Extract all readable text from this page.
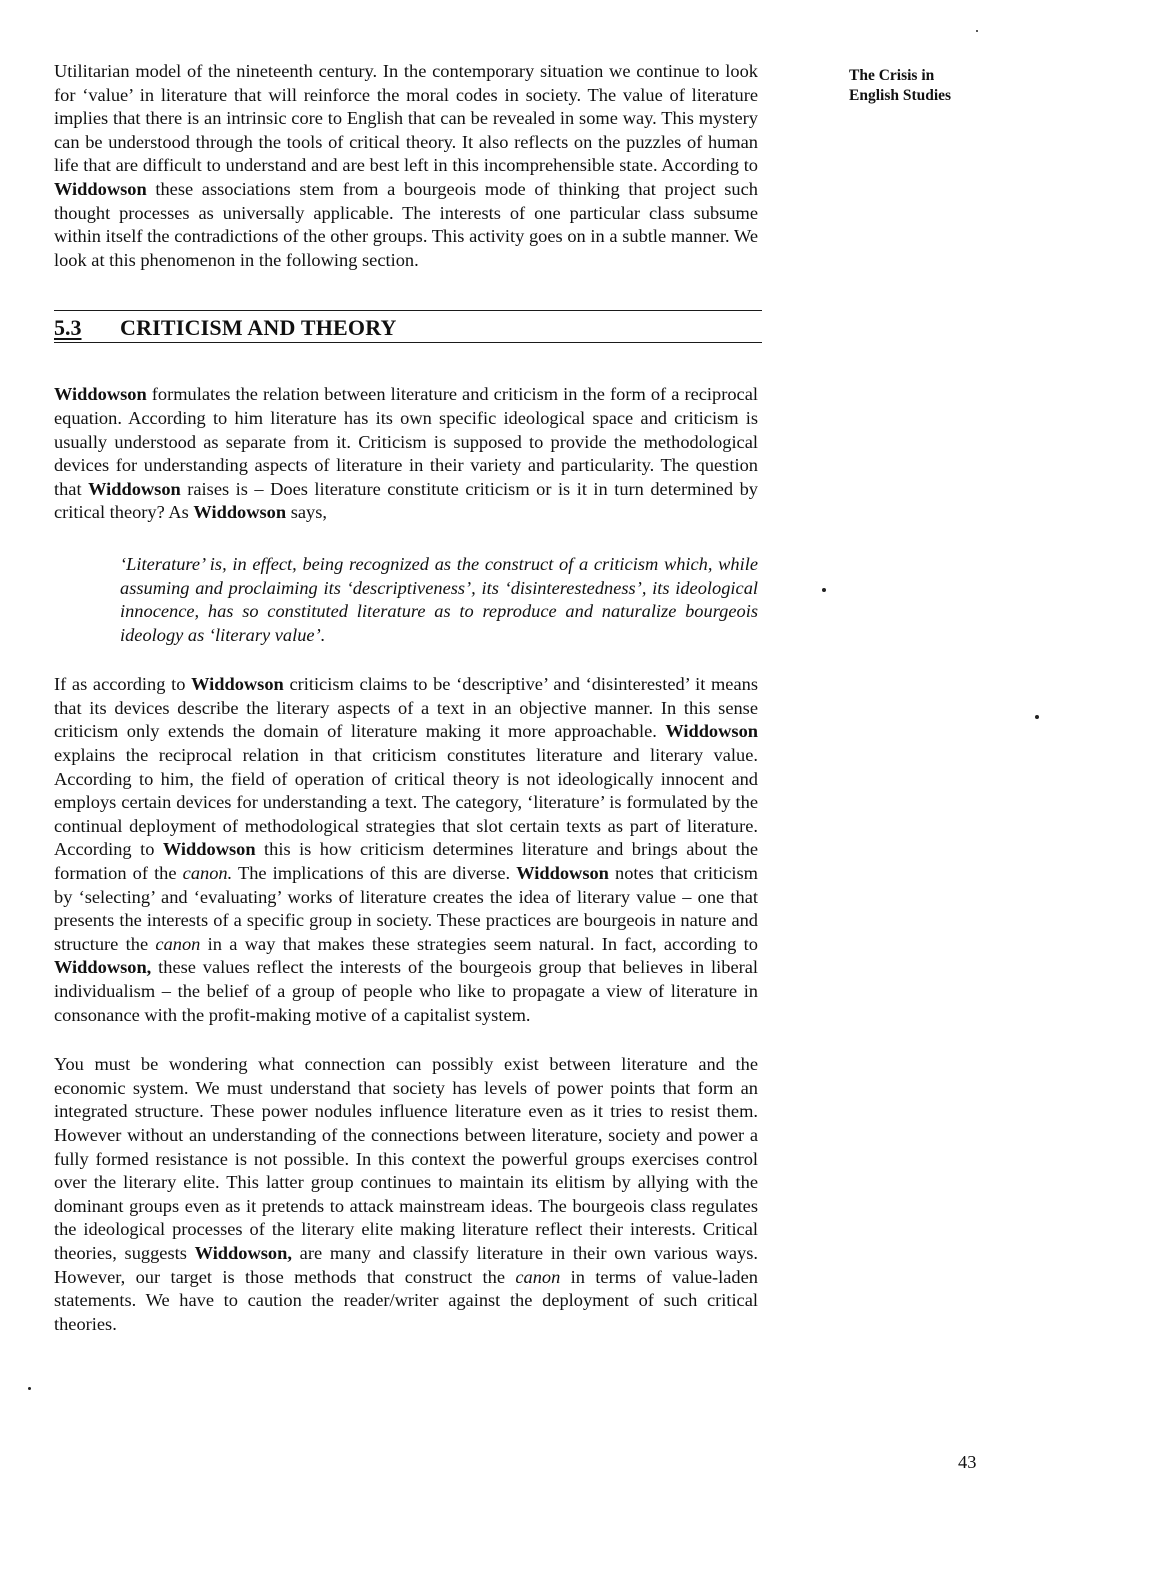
The Crisis in
English Studies

Utilitarian model of the nineteenth century. In the contemporary situation we continue to look for ‘value’ in literature that will reinforce the moral codes in society. The value of literature implies that there is an intrinsic core to English that can be revealed in some way. This mystery can be understood through the tools of critical theory. It also reflects on the puzzles of human life that are difficult to understand and are best left in this incomprehensible state. According to Widdowson these associations stem from a bourgeois mode of thinking that project such thought processes as universally applicable. The interests of one particular class subsume within itself the contradictions of the other groups. This activity goes on in a subtle manner. We look at this phenomenon in the following section.

5.3 CRITICISM AND THEORY

Widdowson formulates the relation between literature and criticism in the form of a reciprocal equation. According to him literature has its own specific ideological space and criticism is usually understood as separate from it. Criticism is supposed to provide the methodological devices for understanding aspects of literature in their variety and particularity. The question that Widdowson raises is – Does literature constitute criticism or is it in turn determined by critical theory? As Widdowson says,

‘Literature’ is, in effect, being recognized as the construct of a criticism which, while assuming and proclaiming its ‘descriptiveness’, its ‘disinterestedness’, its ideological innocence, has so constituted literature as to reproduce and naturalize bourgeois ideology as ‘literary value’.

If as according to Widdowson criticism claims to be ‘descriptive’ and ‘disinterested’ it means that its devices describe the literary aspects of a text in an objective manner. In this sense criticism only extends the domain of literature making it more approachable. Widdowson explains the reciprocal relation in that criticism constitutes literature and literary value. According to him, the field of operation of critical theory is not ideologically innocent and employs certain devices for understanding a text. The category, ‘literature’ is formulated by the continual deployment of methodological strategies that slot certain texts as part of literature. According to Widdowson this is how criticism determines literature and brings about the formation of the canon. The implications of this are diverse. Widdowson notes that criticism by ‘selecting’ and ‘evaluating’ works of literature creates the idea of literary value – one that presents the interests of a specific group in society. These practices are bourgeois in nature and structure the canon in a way that makes these strategies seem natural. In fact, according to Widdowson, these values reflect the interests of the bourgeois group that believes in liberal individualism – the belief of a group of people who like to propagate a view of literature in consonance with the profit-making motive of a capitalist system.

You must be wondering what connection can possibly exist between literature and the economic system. We must understand that society has levels of power points that form an integrated structure. These power nodules influence literature even as it tries to resist them. However without an understanding of the connections between literature, society and power a fully formed resistance is not possible. In this context the powerful groups exercises control over the literary elite. This latter group continues to maintain its elitism by allying with the dominant groups even as it pretends to attack mainstream ideas. The bourgeois class regulates the ideological processes of the literary elite making literature reflect their interests. Critical theories, suggests Widdowson, are many and classify literature in their own various ways. However, our target is those methods that construct the canon in terms of value-laden statements. We have to caution the reader/writer against the deployment of such critical theories.

43
